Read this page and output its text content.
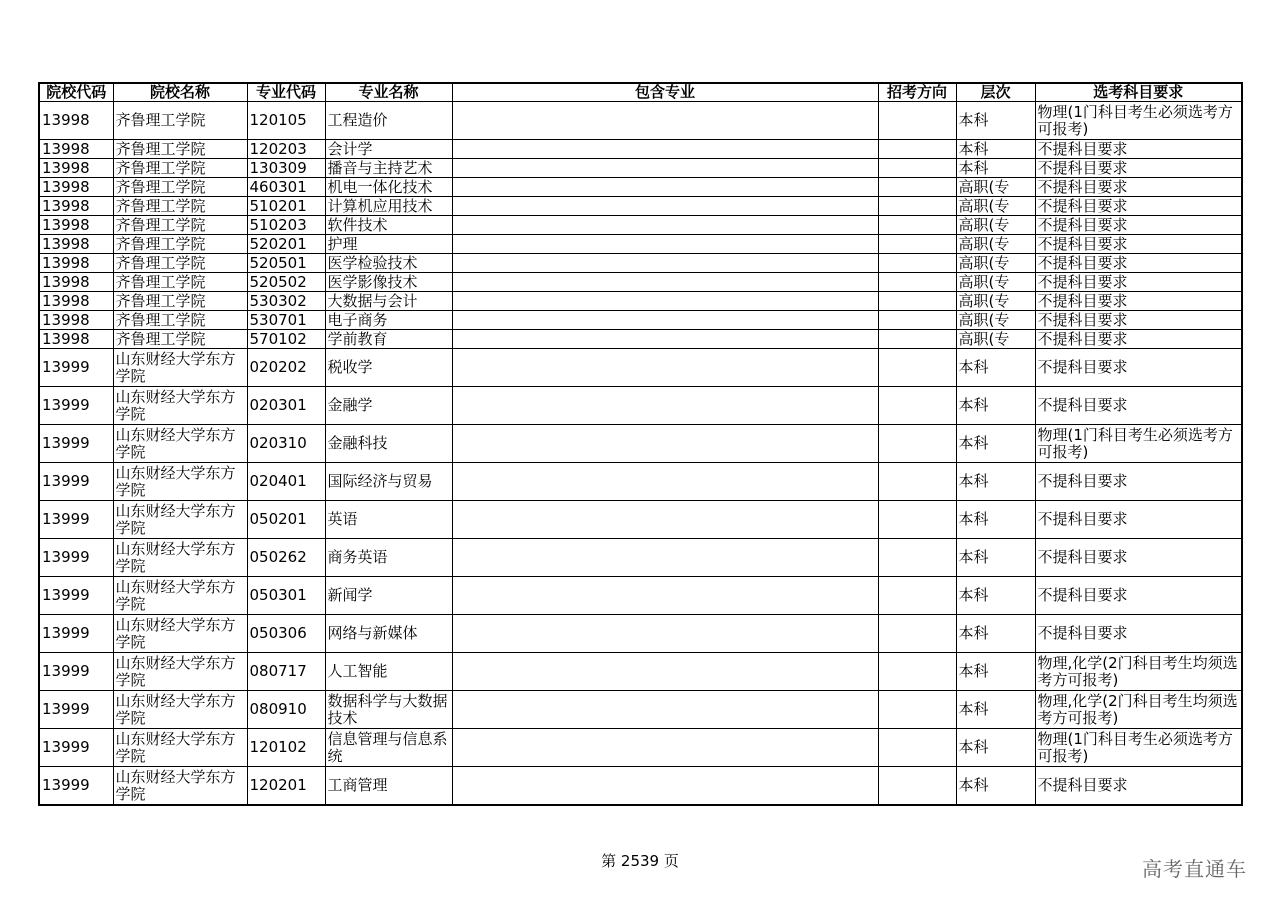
院校代码	院校名称	专业代码	专业名称	包含专业	招考方向	层次	选考科目要求
13998	齐鲁理工学院	120105	工程造价			本科	物理(1门科目考生必须选考方可报考)
13998	齐鲁理工学院	120203	会计学			本科	不提科目要求
13998	齐鲁理工学院	130309	播音与主持艺术			本科	不提科目要求
13998	齐鲁理工学院	460301	机电一体化技术			高职(专	不提科目要求
13998	齐鲁理工学院	510201	计算机应用技术			高职(专	不提科目要求
13998	齐鲁理工学院	510203	软件技术			高职(专	不提科目要求
13998	齐鲁理工学院	520201	护理			高职(专	不提科目要求
13998	齐鲁理工学院	520501	医学检验技术			高职(专	不提科目要求
13998	齐鲁理工学院	520502	医学影像技术			高职(专	不提科目要求
13998	齐鲁理工学院	530302	大数据与会计			高职(专	不提科目要求
13998	齐鲁理工学院	530701	电子商务			高职(专	不提科目要求
13998	齐鲁理工学院	570102	学前教育			高职(专	不提科目要求
13999	山东财经大学东方学院	020202	税收学			本科	不提科目要求
13999	山东财经大学东方学院	020301	金融学			本科	不提科目要求
13999	山东财经大学东方学院	020310	金融科技			本科	物理(1门科目考生必须选考方可报考)
13999	山东财经大学东方学院	020401	国际经济与贸易			本科	不提科目要求
13999	山东财经大学东方学院	050201	英语			本科	不提科目要求
13999	山东财经大学东方学院	050262	商务英语			本科	不提科目要求
13999	山东财经大学东方学院	050301	新闻学			本科	不提科目要求
13999	山东财经大学东方学院	050306	网络与新媒体			本科	不提科目要求
13999	山东财经大学东方学院	080717	人工智能			本科	物理,化学(2门科目考生均须选考方可报考)
13999	山东财经大学东方学院	080910	数据科学与大数据技术			本科	物理,化学(2门科目考生均须选考方可报考)
13999	山东财经大学东方学院	120102	信息管理与信息系统			本科	物理(1门科目考生必须选考方可报考)
13999	山东财经大学东方学院	120201	工商管理			本科	不提科目要求
第 2539 页	高考直通车
